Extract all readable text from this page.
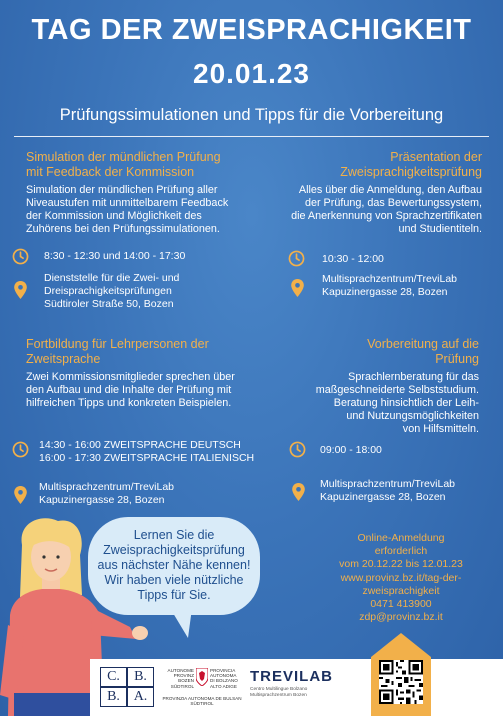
TAG DER ZWEISPRACHIGKEIT
20.01.23
Prüfungssimulationen und Tipps für die Vorbereitung
Simulation der mündlichen Prüfung
mit Feedback der Kommission
Simulation der mündlichen Prüfung aller
Niveaustufen mit unmittelbarem Feedback
der Kommission und Möglichkeit des
Zuhörens bei den Prüfungssimulationen.
8:30 - 12:30 und 14:00 - 17:30
Dienststelle für die Zwei- und
Dreisprachigkeitsprüfungen
Südtiroler Straße 50, Bozen
Präsentation der
Zweisprachigkeitsprüfung
Alles über die Anmeldung, den Aufbau
der Prüfung, das Bewertungssystem,
die Anerkennung von Sprachzertifikaten
und Studientiteln.
10:30 - 12:00
Multisprachzentrum/TreviLab
Kapuzinergasse 28, Bozen
Fortbildung für Lehrpersonen der
Zweitsprache
Zwei Kommissionsmitglieder sprechen über
den Aufbau und die Inhalte der Prüfung mit
hilfreichen Tipps und konkreten Beispielen.
14:30 - 16:00 ZWEITSPRACHE DEUTSCH
16:00 - 17:30 ZWEITSPRACHE ITALIENISCH
Multisprachzentrum/TreviLab
Kapuzinergasse 28, Bozen
Vorbereitung auf die
Prüfung
Sprachlernberatung für das
maßgeschneiderte Selbststudium.
Beratung hinsichtlich der Leih-
und Nutzungsmöglichkeiten
von Hilfsmitteln.
09:00 - 18:00
Multisprachzentrum/TreviLab
Kapuzinergasse 28, Bozen
Lernen Sie die
Zweisprachigkeitsprüfung
aus nächster Nähe kennen!
Wir haben viele nützliche
Tipps für Sie.
Online-Anmeldung
erforderlich
vom 20.12.22 bis 12.01.23
www.provinz.bz.it/tag-der-
zweisprachigkeit
0471 413900
zdp@provinz.bz.it
C.	B.
B. A.
AUTONOME
PROVINZ
BOZEN
SÜDTIROL
PROVINCIA
AUTONOMA
DI BOLZANO
ALTO ADIGE
PROVINZIA AUTONOMA DE BULSAN
SÜDTIROL
TREVILAB
Centro Multilingue Bolzano
Multisprachzentrum Bozen
